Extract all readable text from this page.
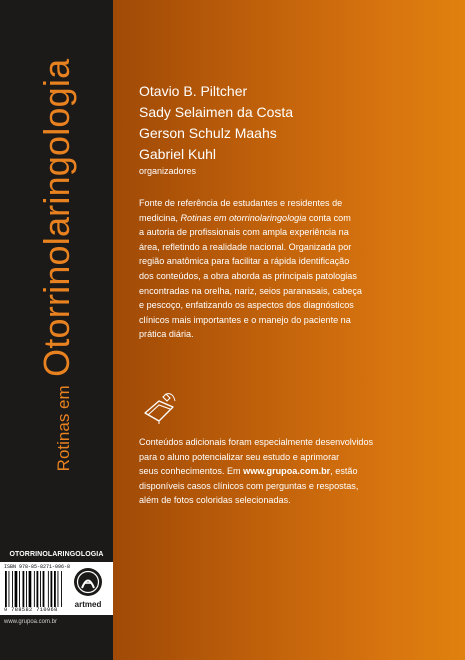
Rotinas em Otorrinolaringologia
OTORRINOLARINGOLOGIA
ISBN 978-85-8271-096-8
9 788582 710968
artmed
www.grupoa.com.br

Otavio B. Piltcher

Sady Selaimen da Costa

Gerson Schulz Maahs

Gabriel Kuhl

organizadores
Fonte de referência de estudantes e residentes de
medicina, Rotinas em otorrinolaringologia conta com
a autoria de profissionais com ampla experiência na
área, refletindo a realidade nacional. Organizada por
região anatômica para facilitar a rápida identificação
dos conteúdos, a obra aborda as principais patologias
encontradas na orelha, nariz, seios paranasais, cabeça
e pescoço, enfatizando os aspectos dos diagnósticos
clínicos mais importantes e o manejo do paciente na
prática diária.
Conteúdos adicionais foram especialmente desenvolvidos
para o aluno potencializar seu estudo e aprimorar
seus conhecimentos. Em www.grupoa.com.br, estão
disponíveis casos clínicos com perguntas e respostas,
além de fotos coloridas selecionadas.
